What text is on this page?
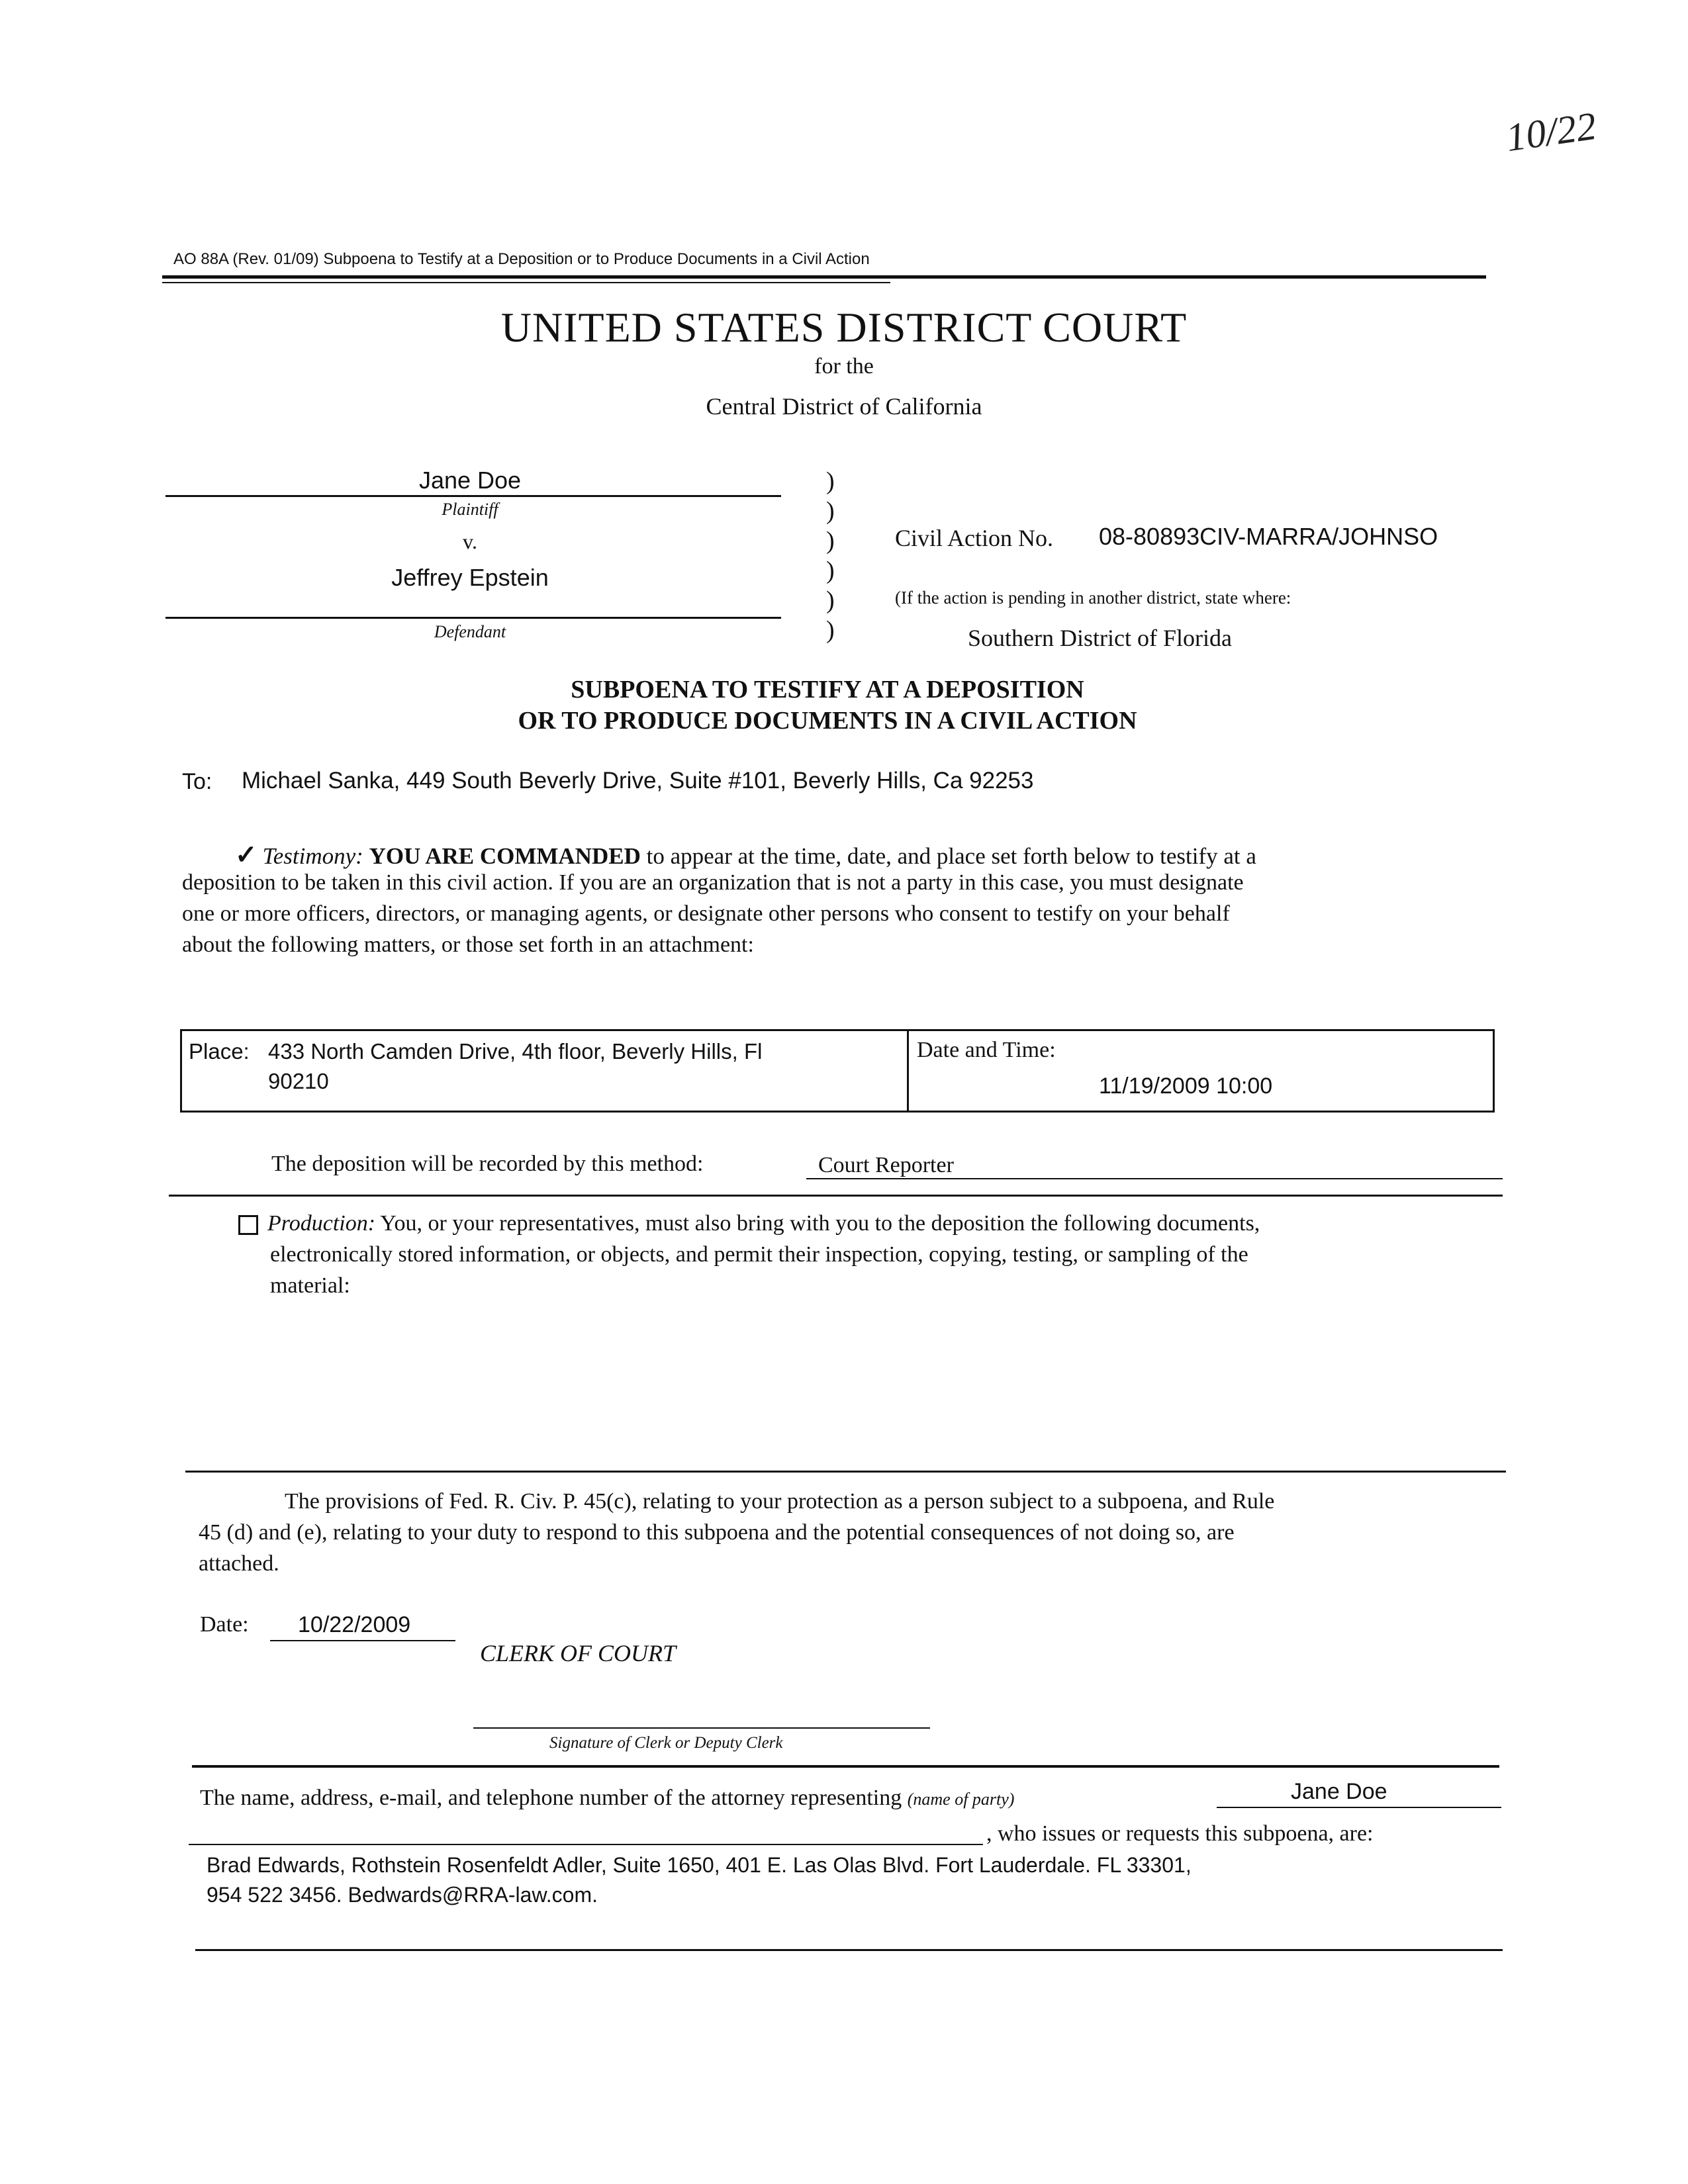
10/22
AO 88A (Rev. 01/09) Subpoena to Testify at a Deposition or to Produce Documents in a Civil Action
UNITED STATES DISTRICT COURT
for the
Central District of California
Jane Doe
Plaintiff
v.
Jeffrey Epstein
Defendant
)
)
)
)
)
)
Civil Action No. 08-80893CIV-MARRA/JOHNSO
(If the action is pending in another district, state where:
Southern District of Florida
SUBPOENA TO TESTIFY AT A DEPOSITION
OR TO PRODUCE DOCUMENTS IN A CIVIL ACTION
To: Michael Sanka, 449 South Beverly Drive, Suite #101, Beverly Hills, Ca 92253
✓ Testimony: YOU ARE COMMANDED to appear at the time, date, and place set forth below to testify at a
deposition to be taken in this civil action. If you are an organization that is not a party in this case, you must designate
one or more officers, directors, or managing agents, or designate other persons who consent to testify on your behalf
about the following matters, or those set forth in an attachment:
Place: 433 North Camden Drive, 4th floor, Beverly Hills, Fl
90210
Date and Time:
11/19/2009 10:00
The deposition will be recorded by this method:	Court Reporter
Production: You, or your representatives, must also bring with you to the deposition the following documents,
electronically stored information, or objects, and permit their inspection, copying, testing, or sampling of the
material:
The provisions of Fed. R. Civ. P. 45(c), relating to your protection as a person subject to a subpoena, and Rule
45 (d) and (e), relating to your duty to respond to this subpoena and the potential consequences of not doing so, are
attached.
Date: 10/22/2009
CLERK OF COURT
Signature of Clerk or Deputy Clerk
The name, address, e-mail, and telephone number of the attorney representing (name of party)	Jane Doe
, who issues or requests this subpoena, are:
Brad Edwards, Rothstein Rosenfeldt Adler, Suite 1650, 401 E. Las Olas Blvd. Fort Lauderdale. FL 33301,
954 522 3456. Bedwards@RRA-law.com.
